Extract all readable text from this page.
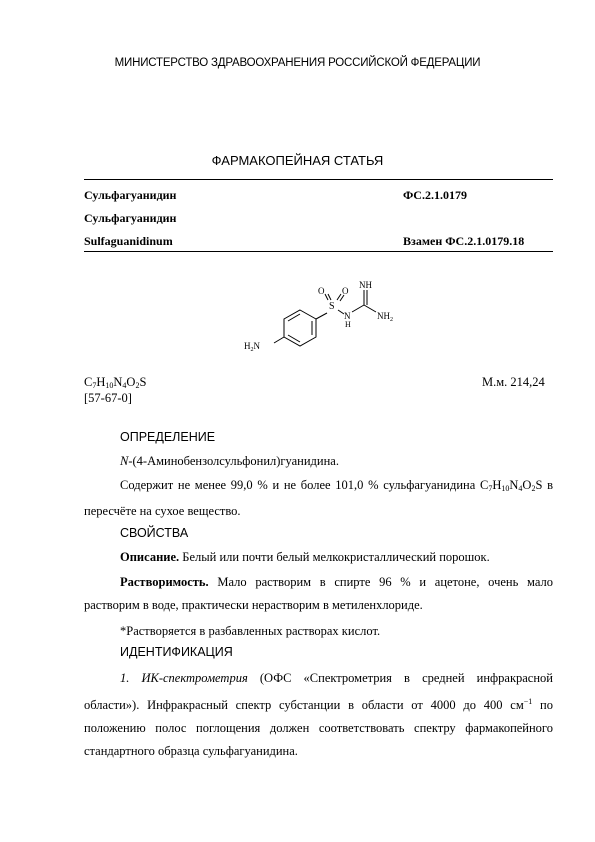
МИНИСТЕРСТВО ЗДРАВООХРАНЕНИЯ РОССИЙСКОЙ ФЕДЕРАЦИИ
ФАРМАКОПЕЙНАЯ СТАТЬЯ
Сульфагуанидин	ФС.2.1.0179
Сульфагуанидин
Sulfaguanidinum	Взамен ФС.2.1.0179.18
NH
S
O O
N
H
$NH_2$
$H_2N$
$C_7H_{10}N_4O_2S$	М.м. 214,24
[57-67-0]
ОПРЕДЕЛЕНИЕ
N-(4-Аминобензолсульфонил)гуанидина.
Содержит не менее 99,0 % и не более 101,0 % сульфагуанидина $C_7H_{10}N_4O_2S$ в пересчёте на сухое вещество.
СВОЙСТВА
Описание. Белый или почти белый мелкокристаллический порошок.
Растворимость. Мало растворим в спирте 96 % и ацетоне, очень мало растворим в воде, практически нерастворим в метиленхлориде.
*Растворяется в разбавленных растворах кислот.
ИДЕНТИФИКАЦИЯ
1. ИК-спектрометрия (ОФС «Спектрометрия в средней инфракрасной области»). Инфракрасный спектр субстанции в области от 4000 до 400 $см^{-1}$ по положению полос поглощения должен соответствовать спектру фармакопейного стандартного образца сульфагуанидина.
